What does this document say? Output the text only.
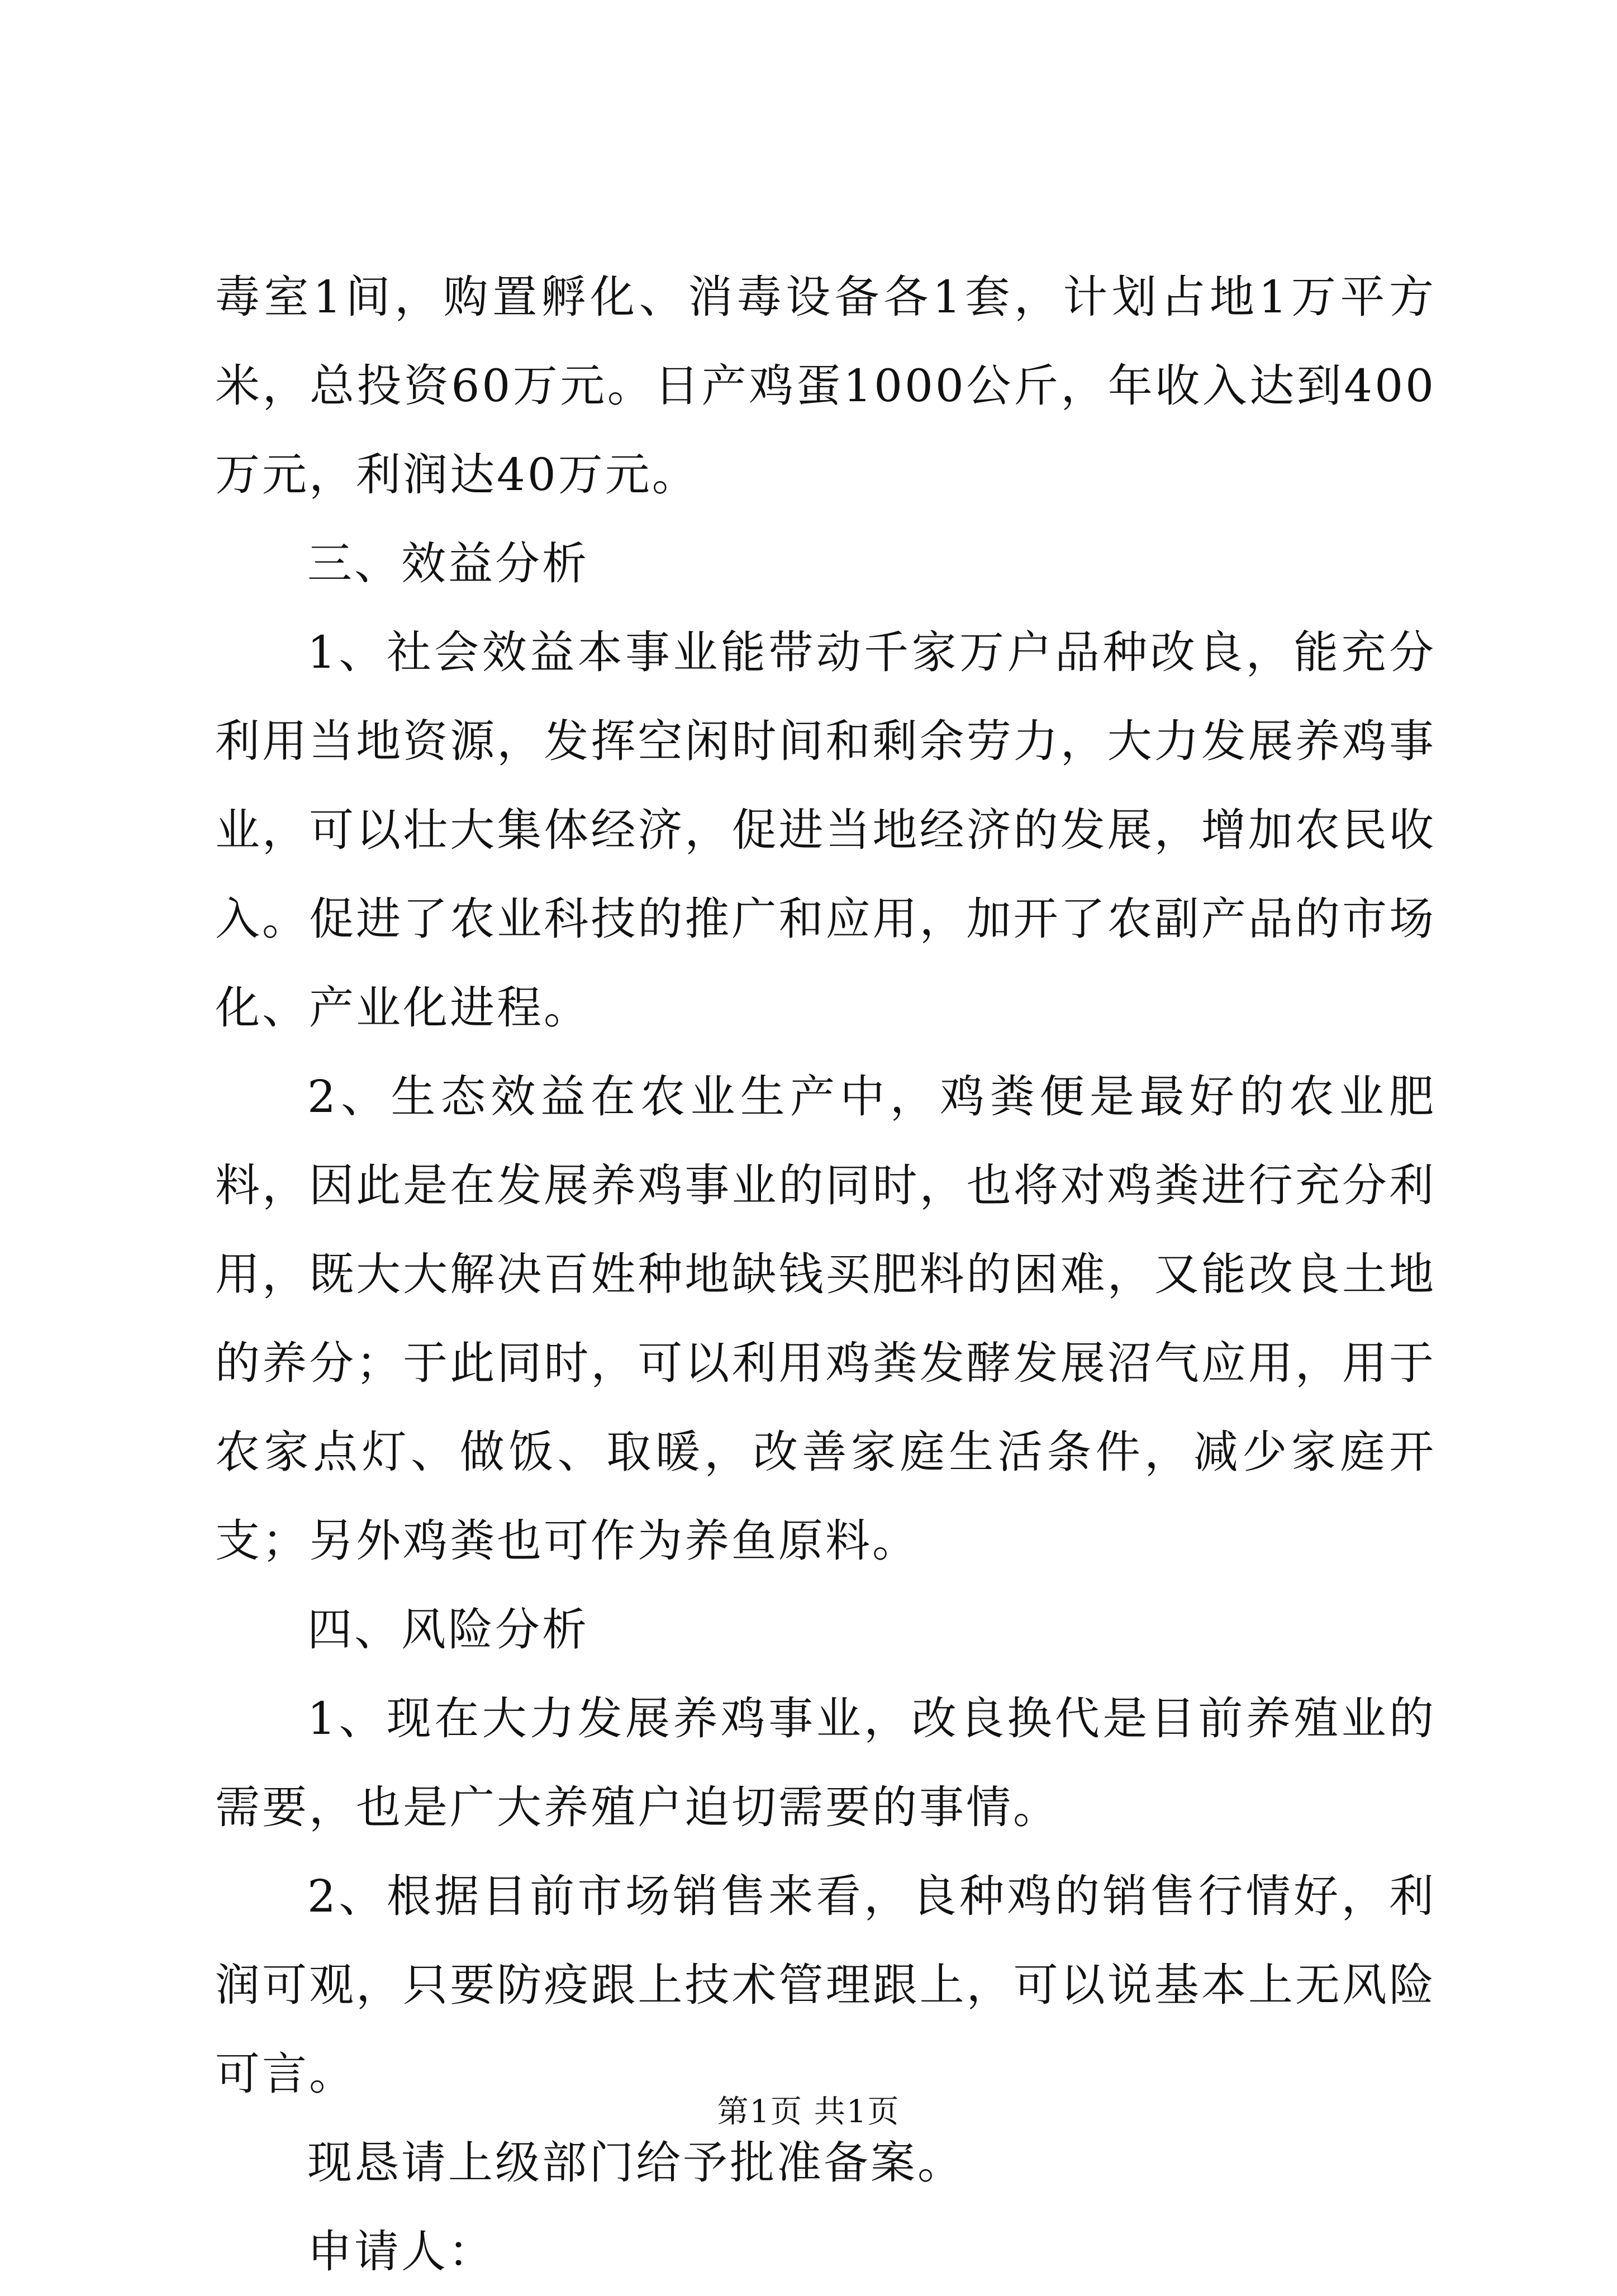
毒室1间，购置孵化、消毒设备各1套，计划占地1万平方米，总投资60万元。日产鸡蛋1000公斤，年收入达到400万元，利润达40万元。

三、效益分析

1、社会效益本事业能带动千家万户品种改良，能充分利用当地资源，发挥空闲时间和剩余劳力，大力发展养鸡事业，可以壮大集体经济，促进当地经济的发展，增加农民收入。促进了农业科技的推广和应用，加开了农副产品的市场化、产业化进程。

2、生态效益在农业生产中，鸡粪便是最好的农业肥料，因此是在发展养鸡事业的同时，也将对鸡粪进行充分利用，既大大解决百姓种地缺钱买肥料的困难，又能改良土地的养分；于此同时，可以利用鸡粪发酵发展沼气应用，用于农家点灯、做饭、取暖，改善家庭生活条件，减少家庭开支；另外鸡粪也可作为养鱼原料。

四、风险分析

1、现在大力发展养鸡事业，改良换代是目前养殖业的需要，也是广大养殖户迫切需要的事情。

2、根据目前市场销售来看，良种鸡的销售行情好，利润可观，只要防疫跟上技术管理跟上，可以说基本上无风险可言。

现恳请上级部门给予批准备案。

申请人：

第1页 共1页
